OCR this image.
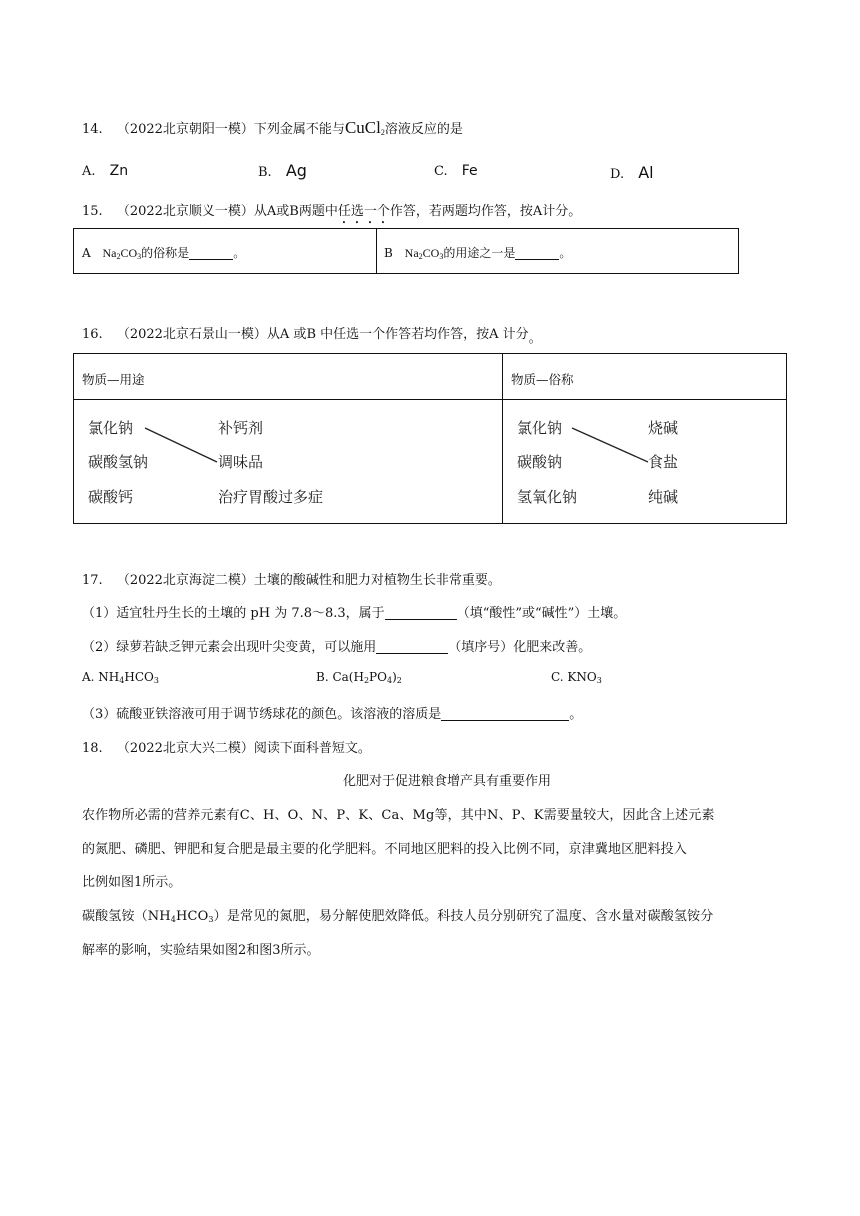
14. （2022北京朝阳一模）下列金属不能与CuCl$_2$溶液反应的是
A. Zn	B. Ag	C. Fe	D. Al
15. （2022北京顺义一模）从A或B两题中任选一个作答，若两题均作答，按A计分。

A $Na_2CO_3$的俗称是	。	B $Na_2CO_3$的用途之一是	。
16. （2022北京石景山一模）从A 或B 中任选一个作答若均作答，按A 计分。

物质—用途	物质—俗称
氯化钠
碳酸氢钠
碳酸钙
补钙剂
调味品
治疗胃酸过多症
氯化钠
碳酸钠
氢氧化钠
烧碱
食盐
纯碱
17. （2022北京海淀二模）土壤的酸碱性和肥力对植物生长非常重要。
（1）适宜牡丹生长的土壤的 pH 为 7.8～8.3，属于	（填“酸性”或“碱性”）土壤。
（2）绿萝若缺乏钾元素会出现叶尖变黄，可以施用	（填序号）化肥来改善。
A. $NH_4HCO_3$	B. $Ca(H_2PO_4)_2$	C. $KNO_3$
（3）硫酸亚铁溶液可用于调节绣球花的颜色。该溶液的溶质是	。
18. （2022北京大兴二模）阅读下面科普短文。
化肥对于促进粮食增产具有重要作用
农作物所必需的营养元素有C、H、O、N、P、K、Ca、Mg等，其中N、P、K需要量较大，因此含上述元素
的氮肥、磷肥、钾肥和复合肥是最主要的化学肥料。不同地区肥料的投入比例不同，京津冀地区肥料投入
比例如图1所示。
碳酸氢铵$(NH_4HCO_3)$是常见的氮肥，易分解使肥效降低。科技人员分别研究了温度、含水量对碳酸氢铵分
解率的影响，实验结果如图2和图3所示。
